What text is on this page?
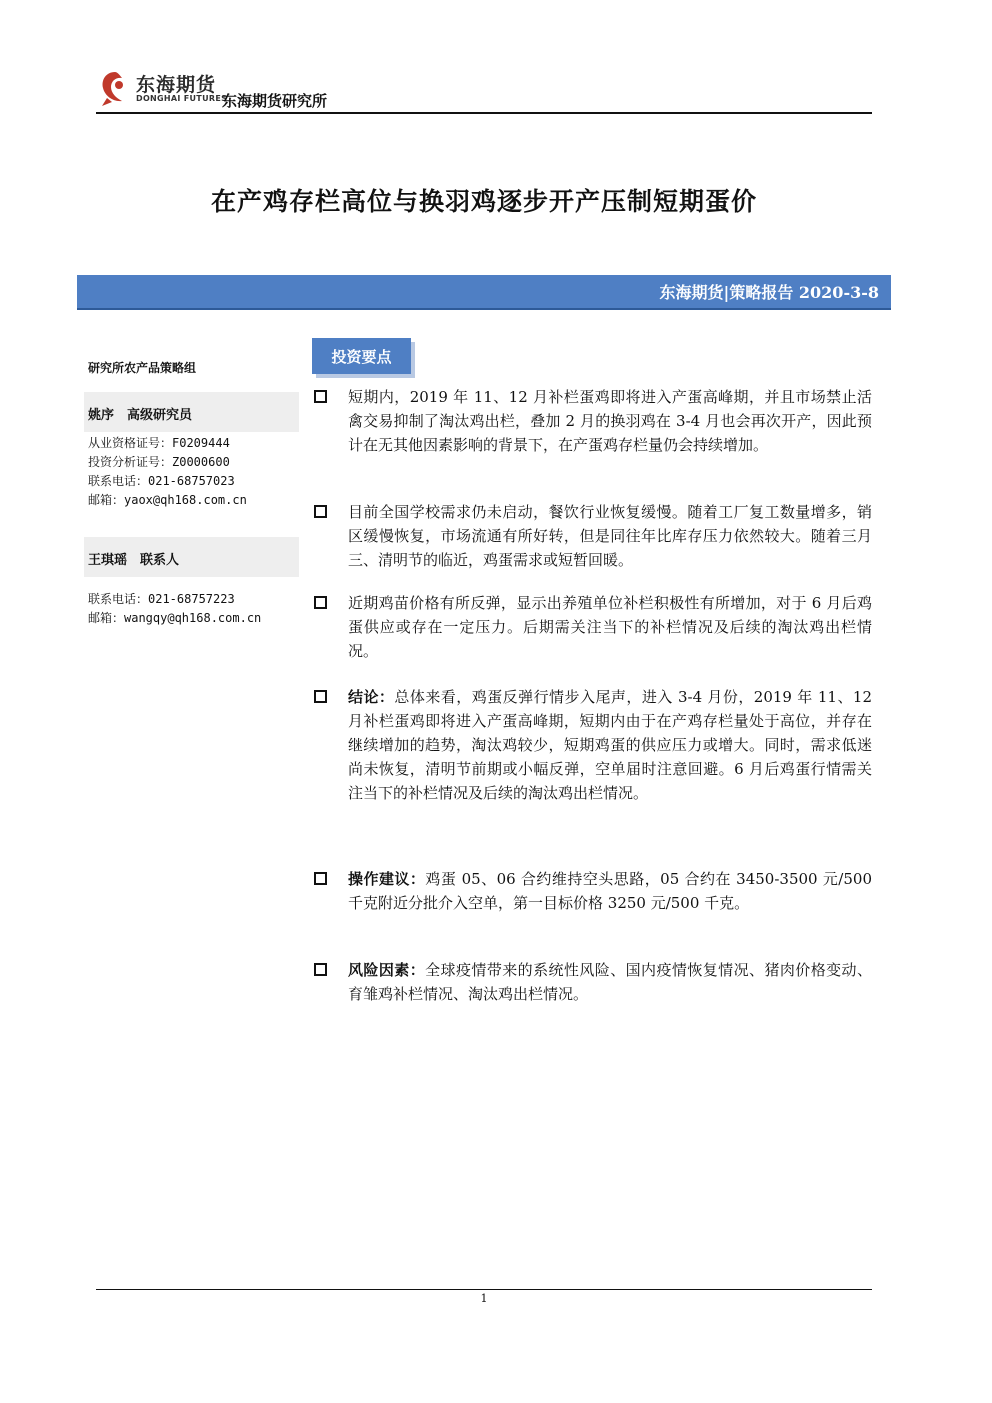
东海期货
DONGHAI FUTURES
东海期货研究所
在产鸡存栏高位与换羽鸡逐步开产压制短期蛋价
东海期货|策略报告 2020-3-8
研究所农产品策略组
姚序　高级研究员
从业资格证号：F0209444
投资分析证号：Z0000600
联系电话：021-68757023
邮箱：yaox@qh168.com.cn
王琪瑶　联系人
联系电话：021-68757223
邮箱：wangqy@qh168.com.cn
投资要点
短期内，2019 年 11、12 月补栏蛋鸡即将进入产蛋高峰期，并且市场禁止活禽交易抑制了淘汰鸡出栏，叠加 2 月的换羽鸡在 3-4 月也会再次开产，因此预计在无其他因素影响的背景下，在产蛋鸡存栏量仍会持续增加。
目前全国学校需求仍未启动，餐饮行业恢复缓慢。随着工厂复工数量增多，销区缓慢恢复，市场流通有所好转，但是同往年比库存压力依然较大。随着三月三、清明节的临近，鸡蛋需求或短暂回暖。
近期鸡苗价格有所反弹，显示出养殖单位补栏积极性有所增加，对于 6 月后鸡蛋供应或存在一定压力。后期需关注当下的补栏情况及后续的淘汰鸡出栏情况。
结论：总体来看，鸡蛋反弹行情步入尾声，进入 3-4 月份，2019 年 11、12 月补栏蛋鸡即将进入产蛋高峰期，短期内由于在产鸡存栏量处于高位，并存在继续增加的趋势，淘汰鸡较少，短期鸡蛋的供应压力或增大。同时，需求低迷尚未恢复，清明节前期或小幅反弹，空单届时注意回避。6 月后鸡蛋行情需关注当下的补栏情况及后续的淘汰鸡出栏情况。
操作建议：鸡蛋 05、06 合约维持空头思路，05 合约在 3450-3500 元/500 千克附近分批介入空单，第一目标价格 3250 元/500 千克。
风险因素：全球疫情带来的系统性风险、国内疫情恢复情况、猪肉价格变动、育雏鸡补栏情况、淘汰鸡出栏情况。
1
